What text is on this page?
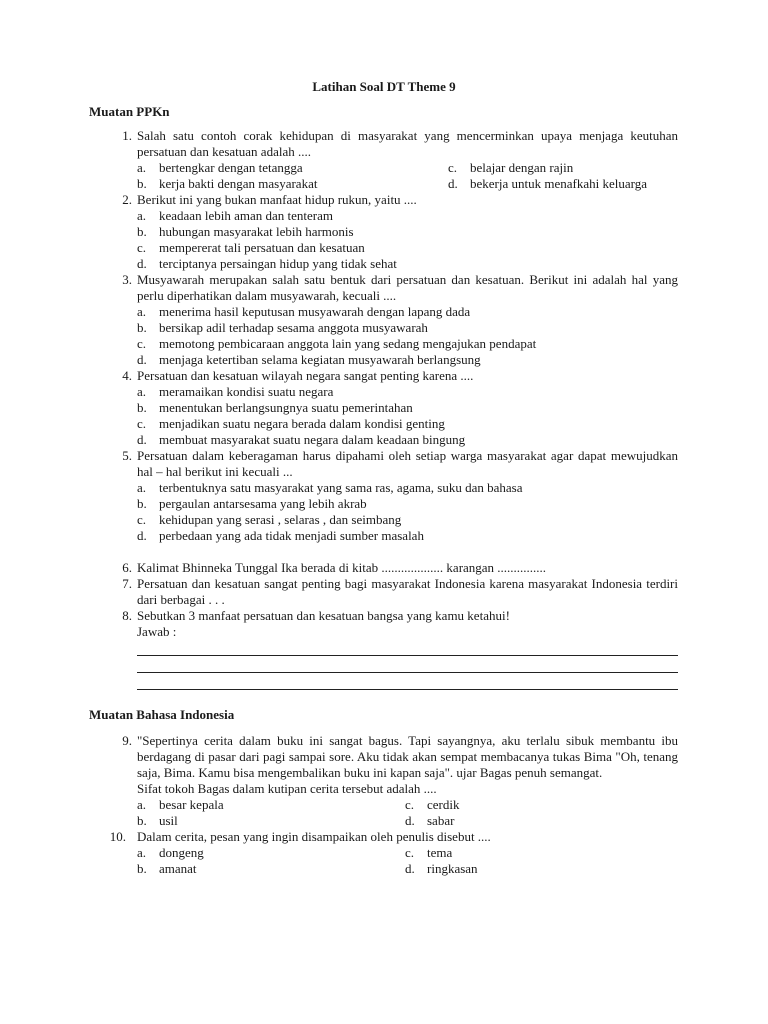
Latihan Soal DT Theme 9
Muatan PPKn
1. Salah satu contoh corak kehidupan di masyarakat yang mencerminkan upaya menjaga keutuhan persatuan dan kesatuan adalah ....
a. bertengkar dengan tetangga	c. belajar dengan rajin
b. kerja bakti dengan masyarakat	d. bekerja untuk menafkahi keluarga
2. Berikut ini yang bukan manfaat hidup rukun, yaitu ....
a. keadaan lebih aman dan tenteram
b. hubungan masyarakat lebih harmonis
c. mempererat tali persatuan dan kesatuan
d. terciptanya persaingan hidup yang tidak sehat
3. Musyawarah merupakan salah satu bentuk dari persatuan dan kesatuan. Berikut ini adalah hal yang perlu diperhatikan dalam musyawarah, kecuali ....
a. menerima hasil keputusan musyawarah dengan lapang dada
b. bersikap adil terhadap sesama anggota musyawarah
c. memotong pembicaraan anggota lain yang sedang mengajukan pendapat
d. menjaga ketertiban selama kegiatan musyawarah berlangsung
4. Persatuan dan kesatuan wilayah negara sangat penting karena ....
a. meramaikan kondisi suatu negara
b. menentukan berlangsungnya suatu pemerintahan
c. menjadikan suatu negara berada dalam kondisi genting
d. membuat masyarakat suatu negara dalam keadaan bingung
5. Persatuan dalam keberagaman harus dipahami oleh setiap warga masyarakat agar dapat mewujudkan hal – hal berikut ini kecuali ...
a. terbentuknya satu masyarakat yang sama ras, agama, suku dan bahasa
b. pergaulan antarsesama yang lebih akrab
c. kehidupan yang serasi , selaras , dan seimbang
d. perbedaan yang ada tidak menjadi sumber masalah
6. Kalimat Bhinneka Tunggal Ika berada di kitab ................... karangan ...............
7. Persatuan dan kesatuan sangat penting bagi masyarakat Indonesia karena masyarakat Indonesia terdiri dari berbagai . . .
8. Sebutkan 3 manfaat persatuan dan kesatuan bangsa yang kamu ketahui!
Jawab :
Muatan Bahasa Indonesia
9. "Sepertinya cerita dalam buku ini sangat bagus. Tapi sayangnya, aku terlalu sibuk membantu ibu berdagang di pasar dari pagi sampai sore. Aku tidak akan sempat membacanya tukas Bima "Oh, tenang saja, Bima. Kamu bisa mengembalikan buku ini kapan saja". ujar Bagas penuh semangat.
Sifat tokoh Bagas dalam kutipan cerita tersebut adalah ....
a. besar kepala	c. cerdik
b. usil	d. sabar
10. Dalam cerita, pesan yang ingin disampaikan oleh penulis disebut ....
a. dongeng	c. tema
b. amanat	d. ringkasan
